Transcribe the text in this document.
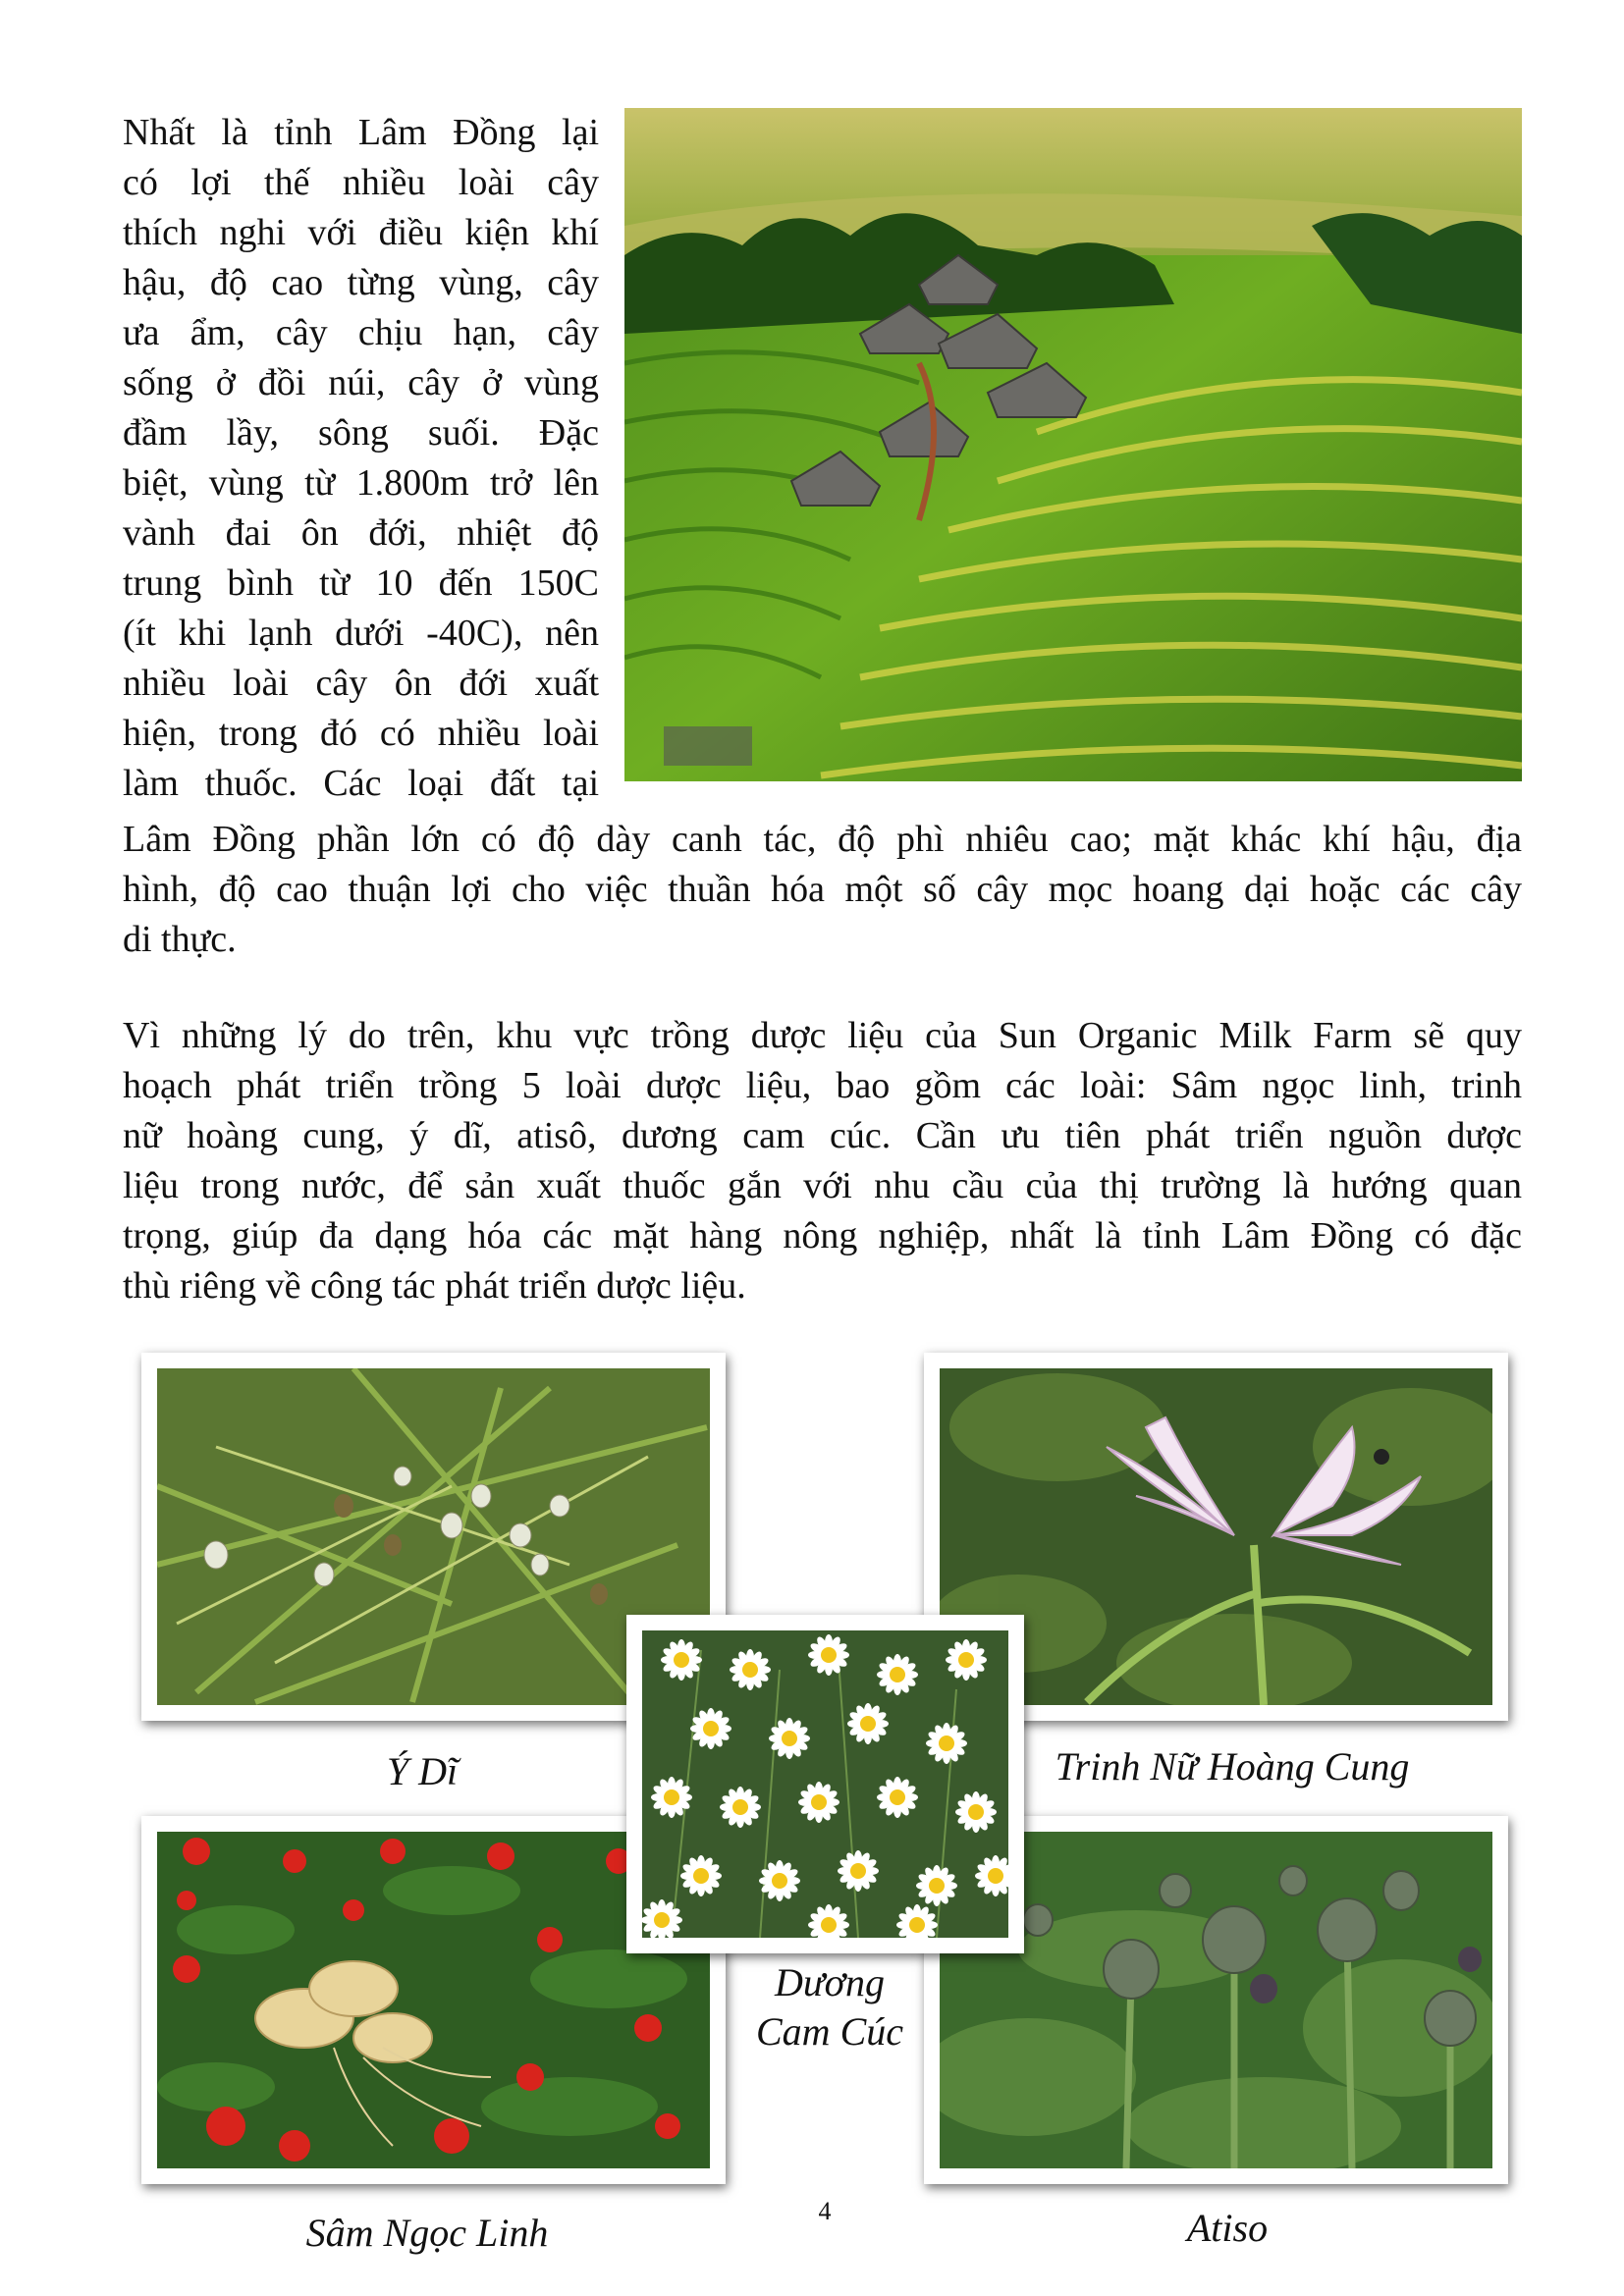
Nhất là tỉnh Lâm Đồng lại
có lợi thế nhiều loài cây
thích nghi với điều kiện khí
hậu, độ cao từng vùng, cây
ưa ẩm, cây chịu hạn, cây
sống ở đồi núi, cây ở vùng
đầm lầy, sông suối. Đặc
biệt, vùng từ 1.800m trở lên
vành đai ôn đới, nhiệt độ
trung bình từ 10 đến 150C
(ít khi lạnh dưới -40C), nên
nhiều loài cây ôn đới xuất
hiện, trong đó có nhiều loài
làm thuốc. Các loại đất tại

Lâm Đồng phần lớn có độ dày canh tác, độ phì nhiêu cao; mặt khác khí hậu, địa
hình, độ cao thuận lợi cho việc thuần hóa một số cây mọc hoang dại hoặc các cây
di thực.

Vì những lý do trên, khu vực trồng dược liệu của Sun Organic Milk Farm sẽ quy
hoạch phát triển trồng 5 loài dược liệu, bao gồm các loài: Sâm ngọc linh, trinh
nữ hoàng cung, ý dĩ, atisô, dương cam cúc. Cần ưu tiên phát triển nguồn dược
liệu trong nước, để sản xuất thuốc gắn với nhu cầu của thị trường là hướng quan
trọng, giúp đa dạng hóa các mặt hàng nông nghiệp, nhất là tỉnh Lâm Đồng có đặc
thù riêng về công tác phát triển dược liệu.

Ý Dĩ	Trinh Nữ Hoàng Cung
Dương
Cam Cúc
Sâm Ngọc Linh	Atiso
4
